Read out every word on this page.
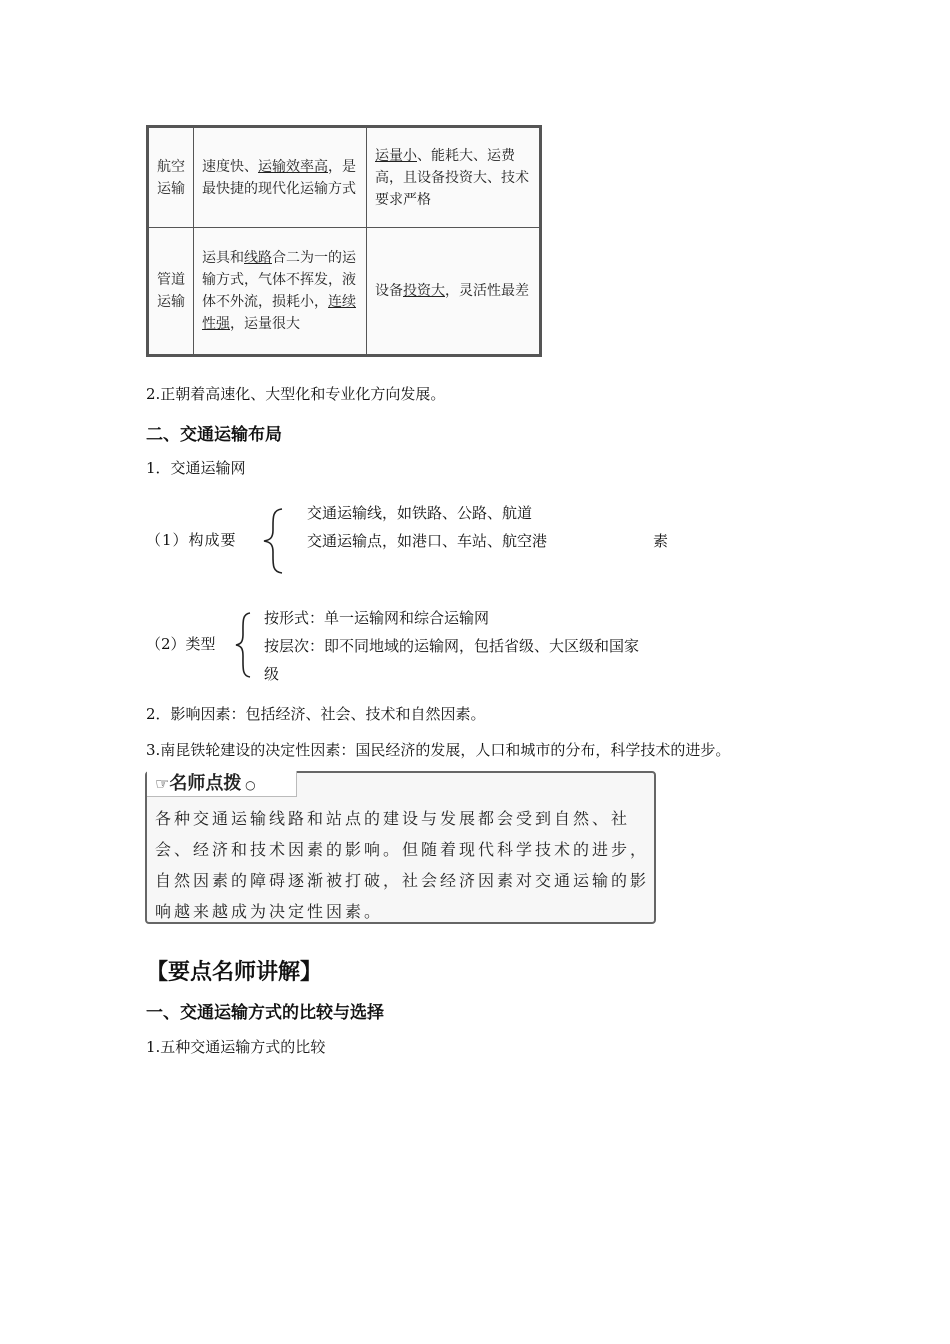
航空运输	速度快、运输效率高，是最快捷的现代化运输方式	运量小、能耗大、运费高，且设备投资大、技术要求严格
管道运输	运具和线路合二为一的运输方式，气体不挥发，液体不外流，损耗小，连续性强，运量很大	设备投资大，灵活性最差
2.正朝着高速化、大型化和专业化方向发展。
二、交通运输布局
1．交通运输网
（1）构成要
交通运输线，如铁路、公路、航道
交通运输点，如港口、车站、航空港	素
（2）类型
按形式：单一运输网和综合运输网
按层次：即不同地域的运输网，包括省级、大区级和国家
级
2．影响因素：包括经济、社会、技术和自然因素。
3.南昆铁轮建设的决定性因素：国民经济的发展，人口和城市的分布，科学技术的进步。
☞名师点拨 ○
各种交通运输线路和站点的建设与发展都会受到自然、社会、经济和技术因素的影响。但随着现代科学技术的进步，自然因素的障碍逐渐被打破，社会经济因素对交通运输的影响越来越成为决定性因素。
【要点名师讲解】
一、交通运输方式的比较与选择
1.五种交通运输方式的比较
